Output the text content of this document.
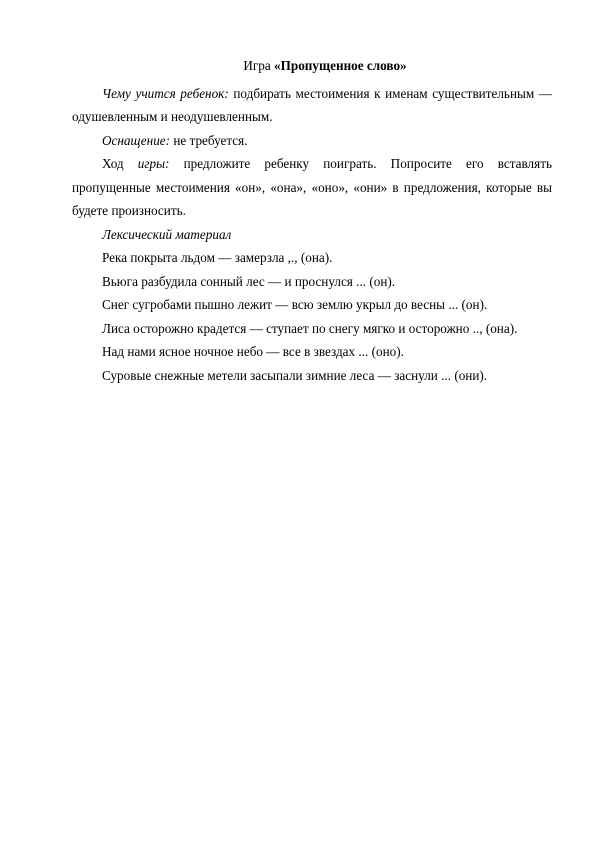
Игра «Пропущенное слово»

Чему учится ребенок: подбирать местоимения к именам существительным — одушевленным и неодушевленным.

Оснащение: не требуется.

Ход игры: предложите ребенку поиграть. Попросите его вставлять пропущенные местоимения «он», «она», «оно», «они» в предложения, которые вы будете произносить.

Лексический материал

Река покрыта льдом — замерзла ,., (она).
Вьюга разбудила сонный лес — и проснулся ... (он).
Снег сугробами пышно лежит — всю землю укрыл до весны ... (он).
Лиса осторожно крадется — ступает по снегу мягко и осторожно .., (она).
Над нами ясное ночное небо — все в звездах ... (оно).
Суровые снежные метели засыпали зимние леса — заснули ... (они).
